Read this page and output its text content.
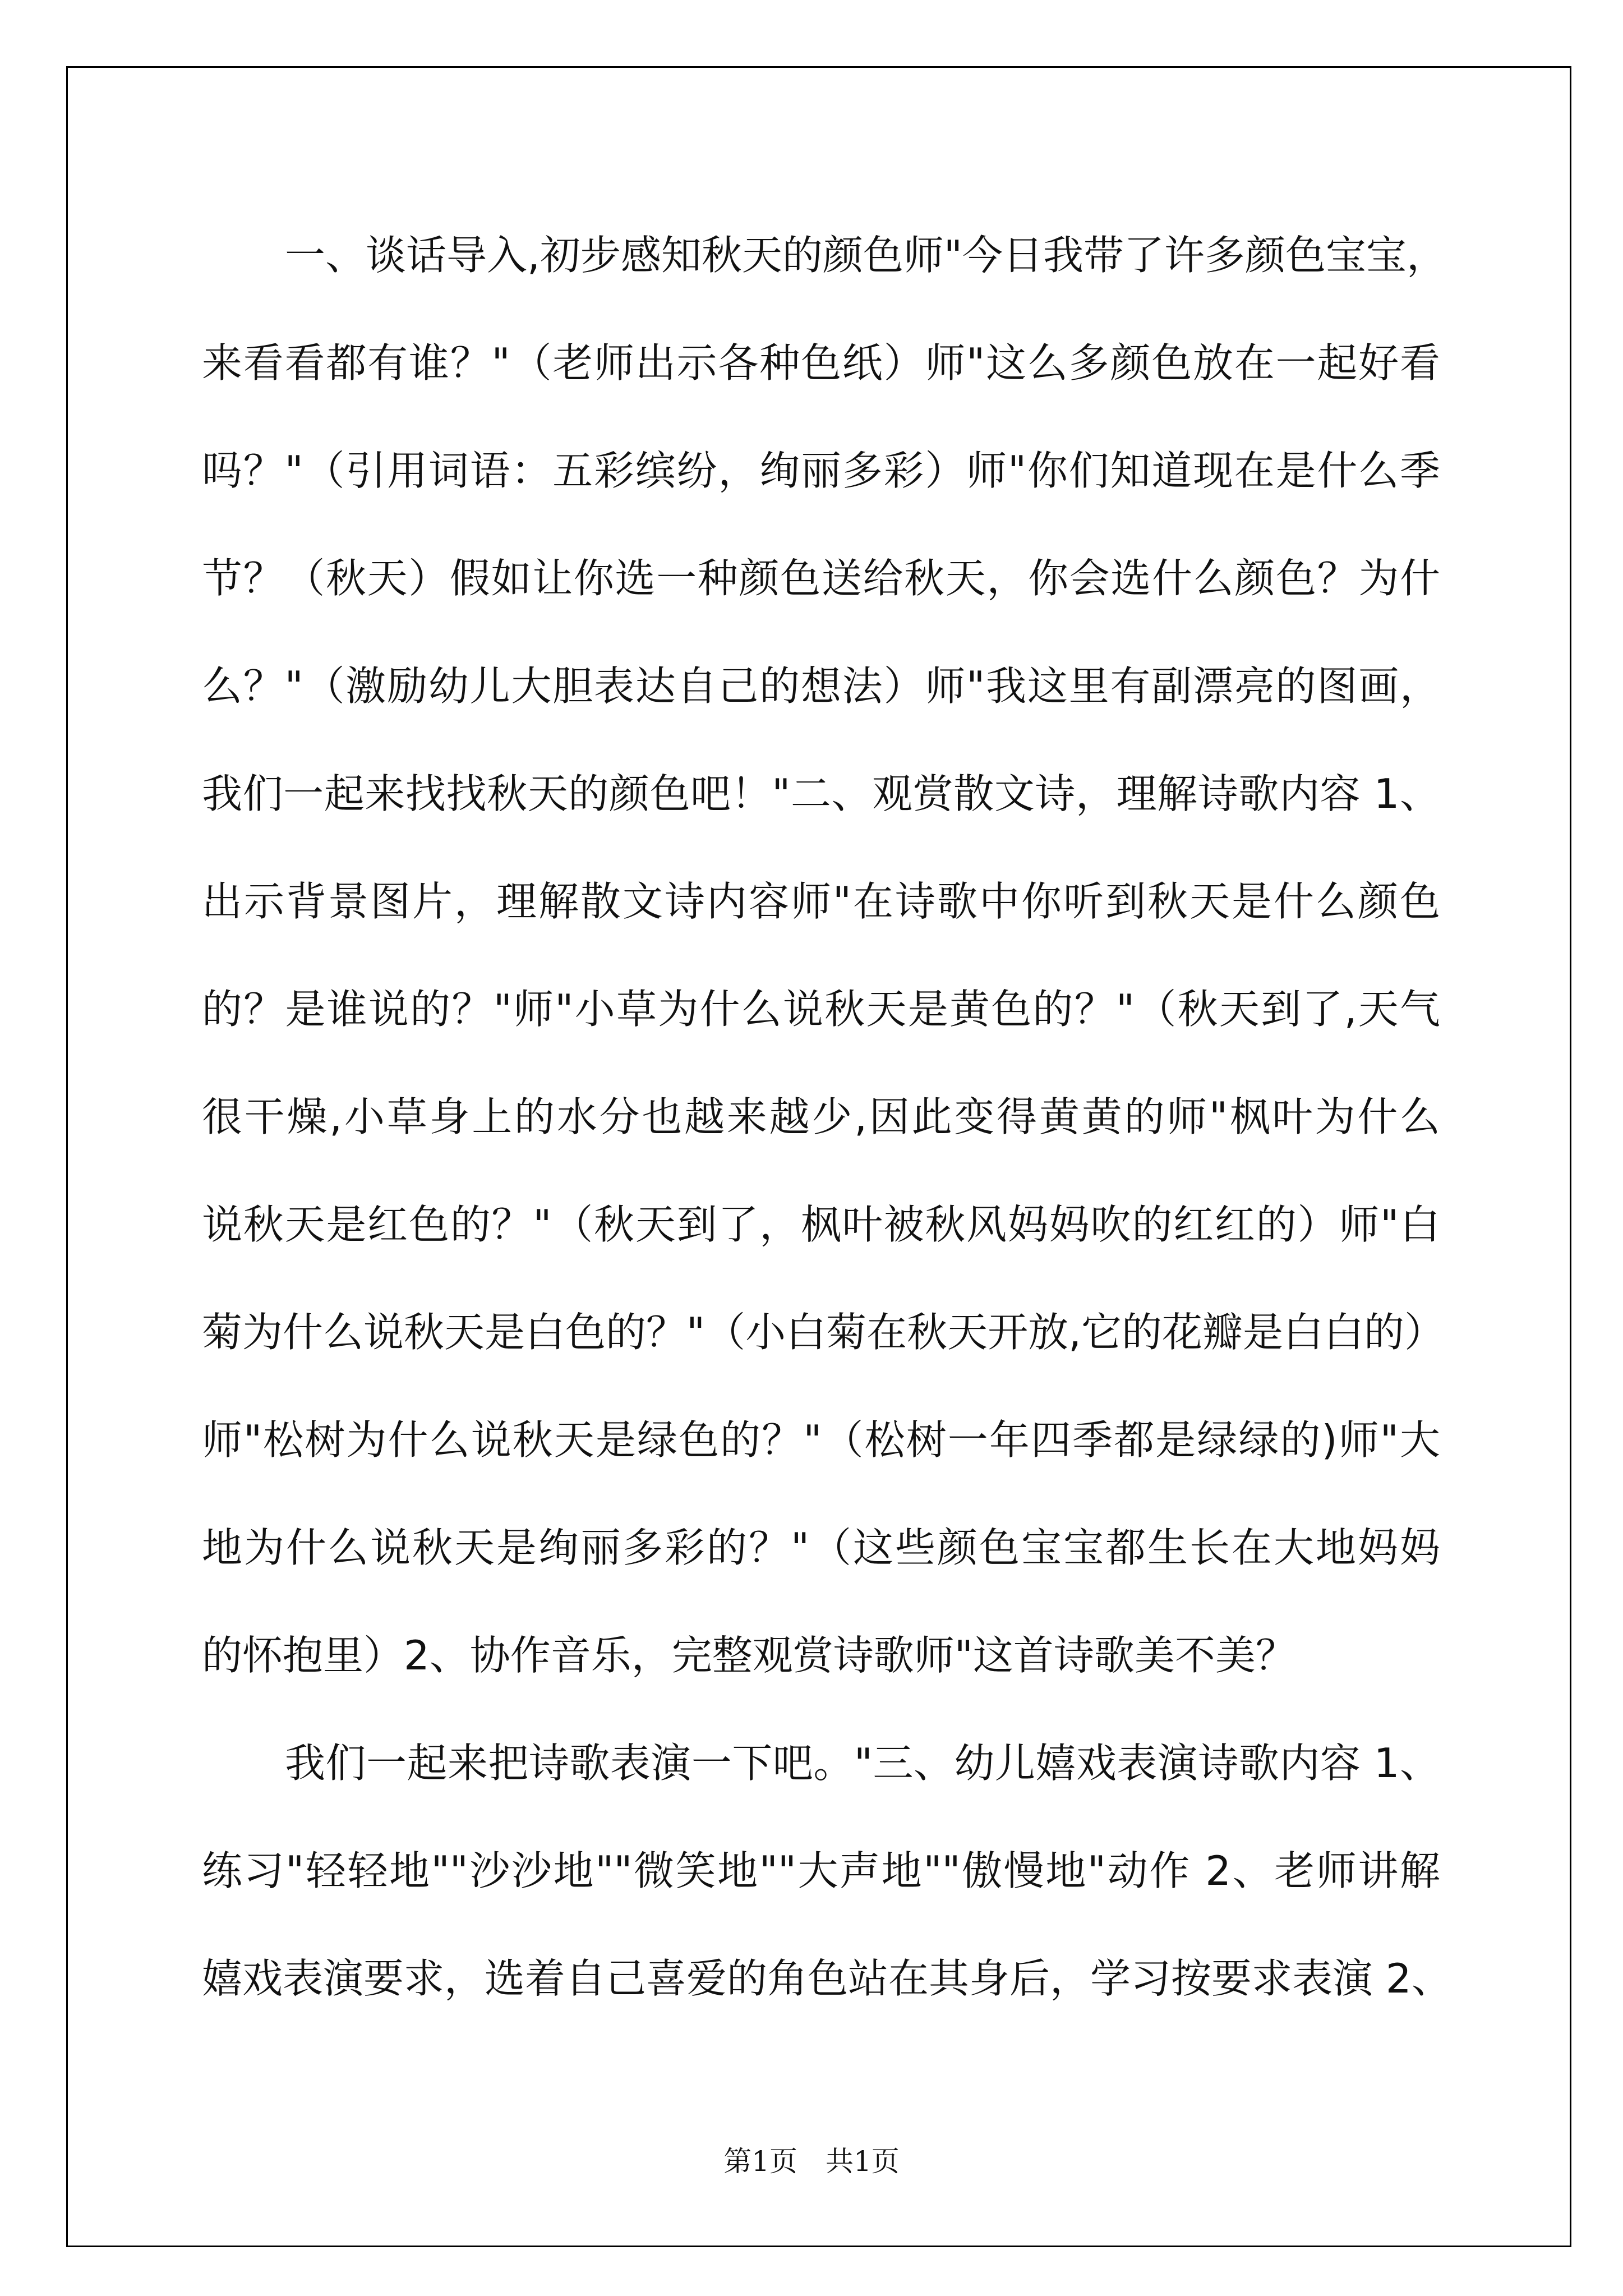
一、谈话导入,初步感知秋天的颜色师"今日我带了许多颜色宝宝，
来看看都有谁？"（老师出示各种色纸）师"这么多颜色放在一起好看
吗？"（引用词语：五彩缤纷，绚丽多彩）师"你们知道现在是什么季
节？（秋天）假如让你选一种颜色送给秋天，你会选什么颜色？为什
么？"（激励幼儿大胆表达自己的想法）师"我这里有副漂亮的图画，
我们一起来找找秋天的颜色吧！"二、观赏散文诗，理解诗歌内容 1、
出示背景图片，理解散文诗内容师"在诗歌中你听到秋天是什么颜色
的？是谁说的？"师"小草为什么说秋天是黄色的？"（秋天到了,天气
很干燥,小草身上的水分也越来越少,因此变得黄黄的师"枫叶为什么
说秋天是红色的？"（秋天到了，枫叶被秋风妈妈吹的红红的）师"白
菊为什么说秋天是白色的？"（小白菊在秋天开放,它的花瓣是白白的）
师"松树为什么说秋天是绿色的？"（松树一年四季都是绿绿的)师"大
地为什么说秋天是绚丽多彩的？"（这些颜色宝宝都生长在大地妈妈
的怀抱里）2、协作音乐，完整观赏诗歌师"这首诗歌美不美？
我们一起来把诗歌表演一下吧。"三、幼儿嬉戏表演诗歌内容 1、
练习"轻轻地""沙沙地""微笑地""大声地""傲慢地"动作 2、老师讲解
嬉戏表演要求，选着自己喜爱的角色站在其身后，学习按要求表演 2、
第1页　共1页
